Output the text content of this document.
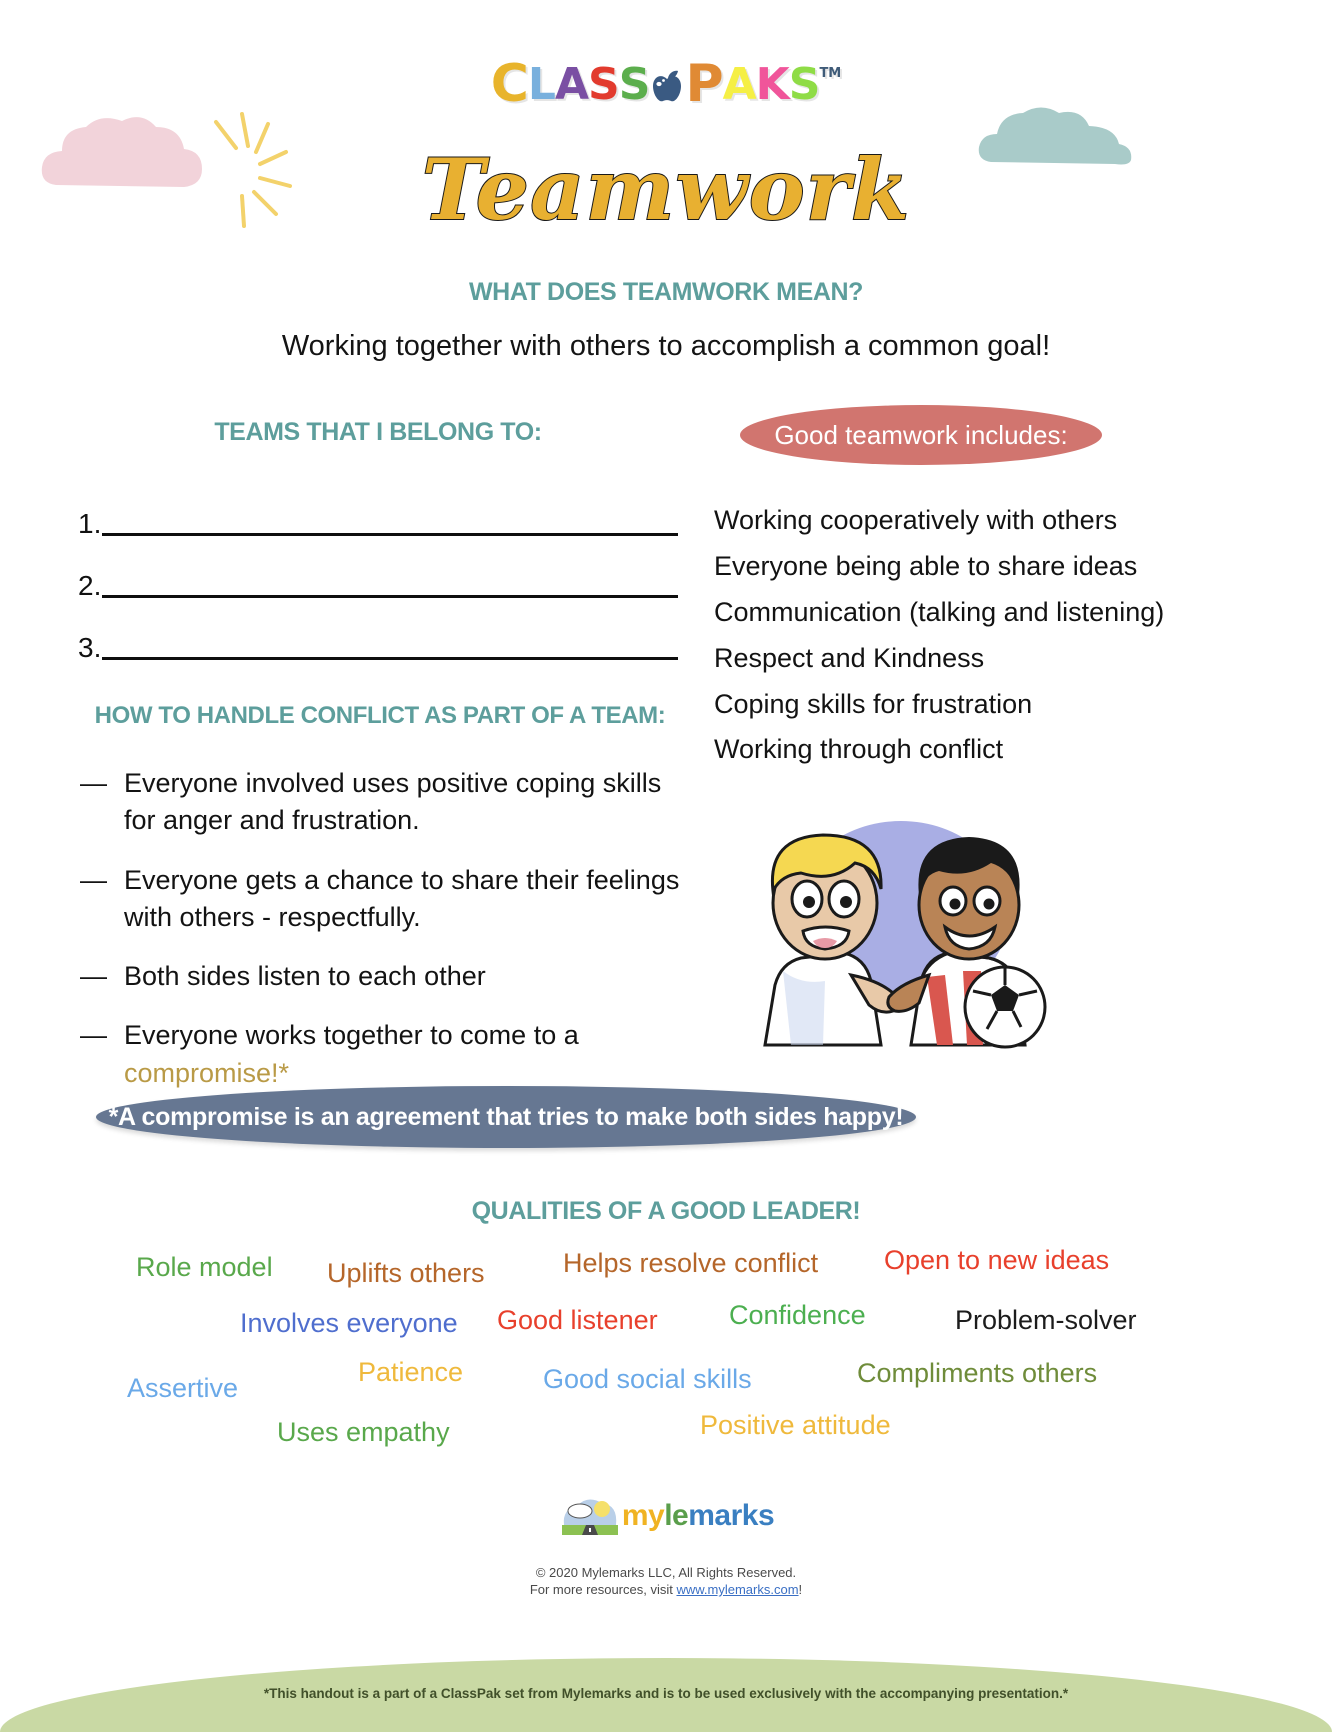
CLASS PAKS™
Teamwork
WHAT DOES TEAMWORK MEAN?
Working together with others to accomplish a common goal!
TEAMS THAT I BELONG TO:
1.
2.
3.
Good teamwork includes:
Working cooperatively with others
Everyone being able to share ideas
Communication (talking and listening)
Respect and Kindness
Coping skills for frustration
Working through conflict
HOW TO HANDLE CONFLICT AS PART OF A TEAM:
— Everyone involved uses positive coping skills for anger and frustration.
— Everyone gets a chance to share their feelings with others - respectfully.
— Both sides listen to each other
— Everyone works together to come to a compromise!*
*A compromise is an agreement that tries to make both sides happy!
QUALITIES OF A GOOD LEADER!
Role model Uplifts others	Helps resolve conflict Open to new ideas
Involves everyone Good listener	Confidence	Problem-solver
Patience	Good social skills	Compliments others
Assertive
Uses empathy	Positive attitude
mylemarks
© 2020 Mylemarks LLC, All Rights Reserved.
For more resources, visit www.mylemarks.com!
*This handout is a part of a ClassPak set from Mylemarks and is to be used exclusively with the accompanying presentation.*
